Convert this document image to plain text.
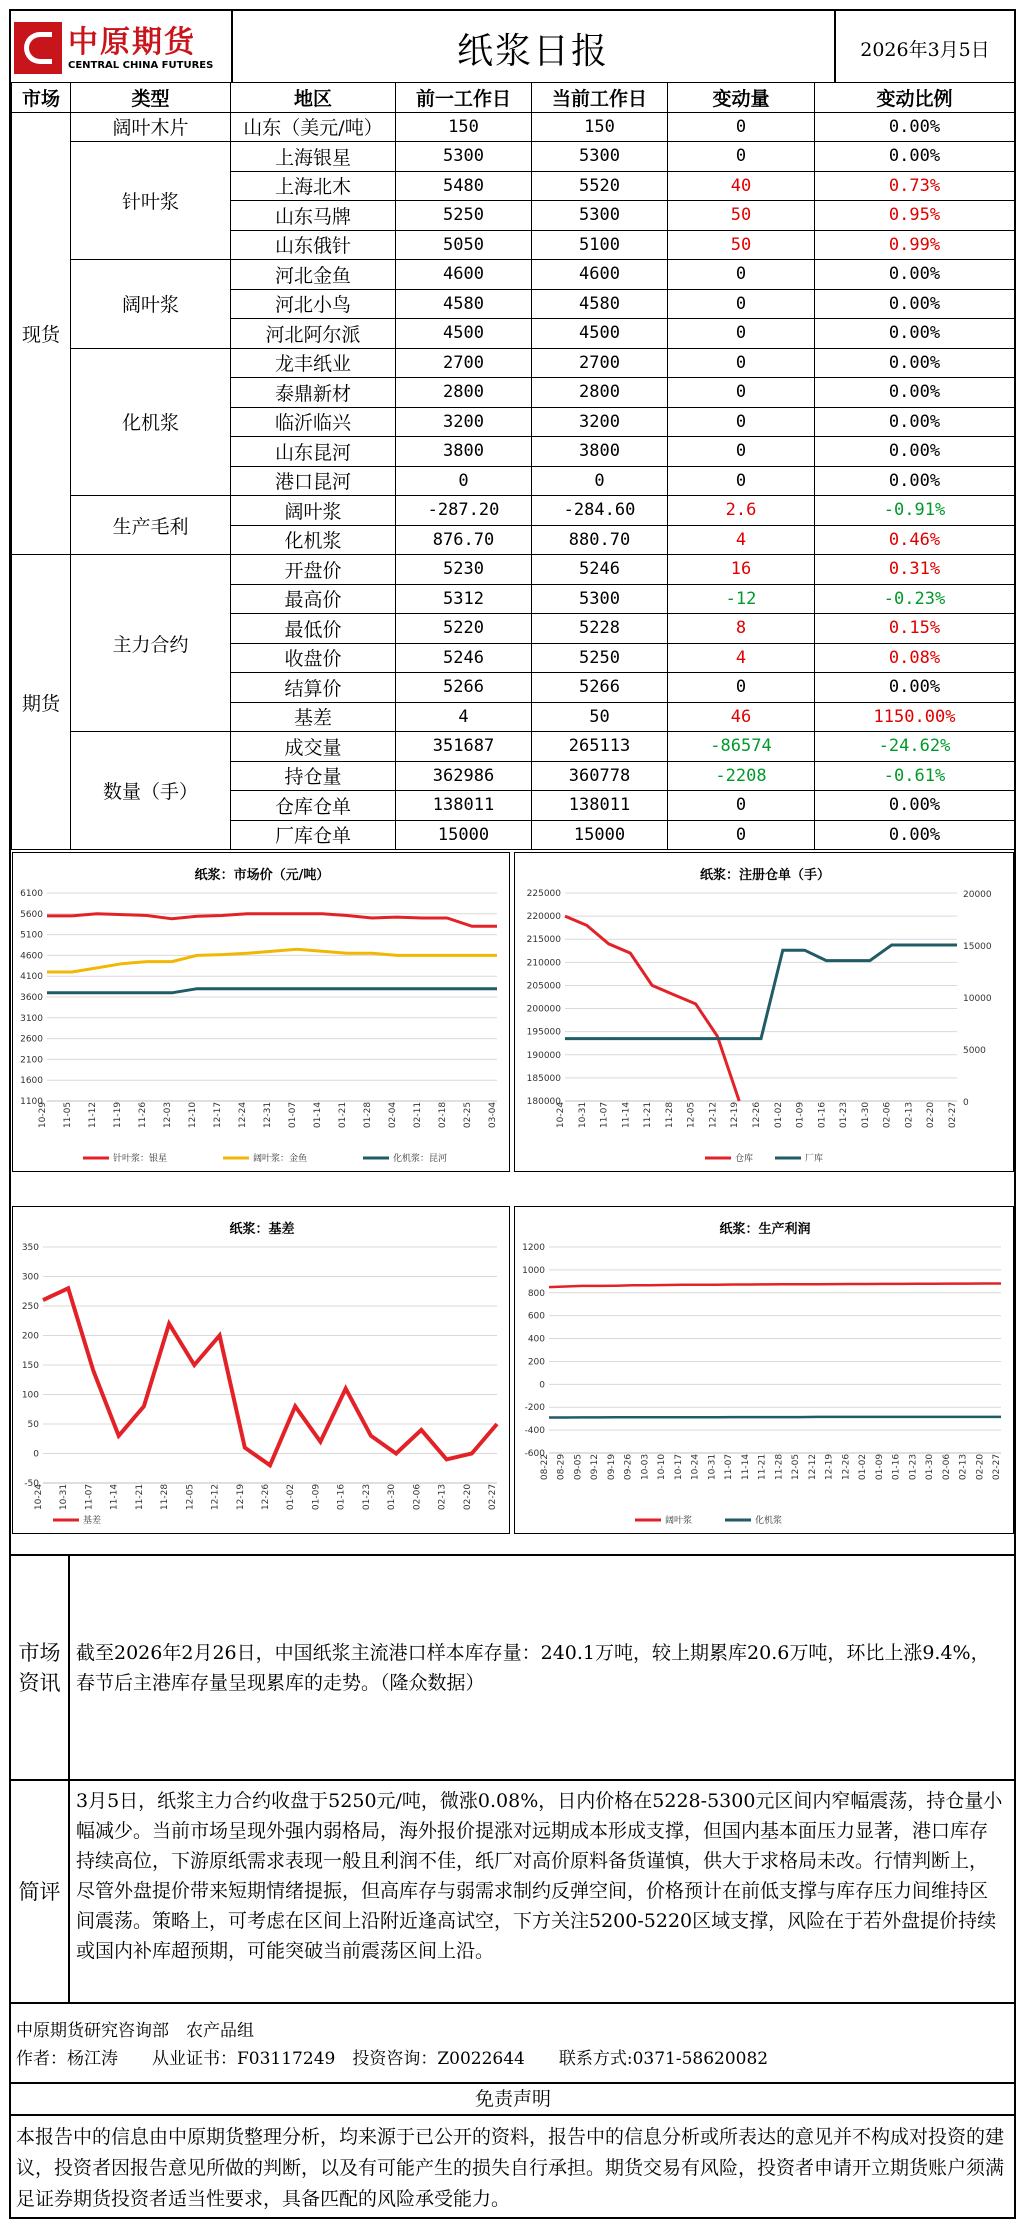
中原期货
CENTRAL CHINA FUTURES	纸浆日报	2026年3月5日
市场	类型	地区	前一工作日	当前工作日	变动量	变动比例
现货	阔叶木片	山东（美元/吨）	150	150	0	0.00%
	针叶浆	上海银星	5300	5300	0	0.00%
		上海北木	5480	5520	40	0.73%
		山东马牌	5250	5300	50	0.95%
		山东俄针	5050	5100	50	0.99%
	阔叶浆	河北金鱼	4600	4600	0	0.00%
		河北小鸟	4580	4580	0	0.00%
		河北阿尔派	4500	4500	0	0.00%
	化机浆	龙丰纸业	2700	2700	0	0.00%
		泰鼎新材	2800	2800	0	0.00%
		临沂临兴	3200	3200	0	0.00%
		山东昆河	3800	3800	0	0.00%
		港口昆河	0	0	0	0.00%
	生产毛利	阔叶浆	-287.20	-284.60	2.6	-0.91%
		化机浆	876.70	880.70	4	0.46%
期货	主力合约	开盘价	5230	5246	16	0.31%
		最高价	5312	5300	-12	-0.23%
		最低价	5220	5228	8	0.15%
		收盘价	5246	5250	4	0.08%
		结算价	5266	5266	0	0.00%
		基差	4	50	46	1150.00%
	数量（手）	成交量	351687	265113	-86574	-24.62%
		持仓量	362986	360778	-2208	-0.61%
		仓库仓单	138011	138011	0	0.00%
		厂库仓单	15000	15000	0	0.00%
纸浆：市场价（元/吨）
1100
1600
2100
2600
3100
3600
4100
4600
5100
5600
6100
10-29 11-05 11-12 11-19 11-26 12-03 12-10 12-17 12-24 12-31 01-07 01-14 01-21 01-28 02-04 02-11 02-18 02-25 03-04
针叶浆：银星	阔叶浆：金鱼	化机浆：昆河
纸浆：注册仓单（手）
180000
185000
190000
195000
200000
205000
210000
215000
220000
225000
0
5000
10000
15000
20000
10-24 10-31 11-07 11-14 11-21 11-28 12-05 12-12 12-19 12-26 01-02 01-09 01-16 01-23 01-30 02-06 02-13 02-20 02-27
仓库	厂库
纸浆：基差
-50
0
50
100
150
200
250
300
350
10-24 10-31 11-07 11-14 11-21 11-28 12-05 12-12 12-19 12-26 01-02 01-09 01-16 01-23 01-30 02-06 02-13 02-20 02-27
基差
纸浆：生产利润
-600
-400
-200
0
200
400
600
800
1000
1200
08-22 08-29 09-05 09-12 09-19 09-26 10-03 10-10 10-17 10-24 10-31 11-07 11-14 11-21 11-28 12-05 12-12 12-19 12-26 01-02 01-09 01-16 01-23 01-30 02-06 02-13 02-20 02-27
阔叶浆	化机浆
市场资讯
截至2026年2月26日，中国纸浆主流港口样本库存量：240.1万吨，较上期累库20.6万吨，环比上涨9.4%，春节后主港库存量呈现累库的走势。（隆众数据）
简评
3月5日，纸浆主力合约收盘于5250元/吨，微涨0.08%，日内价格在5228-5300元区间内窄幅震荡，持仓量小幅减少。当前市场呈现外强内弱格局，海外报价提涨对远期成本形成支撑，但国内基本面压力显著，港口库存持续高位，下游原纸需求表现一般且利润不佳，纸厂对高价原料备货谨慎，供大于求格局未改。行情判断上，尽管外盘提价带来短期情绪提振，但高库存与弱需求制约反弹空间，价格预计在前低支撑与库存压力间维持区间震荡。策略上，可考虑在区间上沿附近逢高试空，下方关注5200-5220区域支撑，风险在于若外盘提价持续或国内补库超预期，可能突破当前震荡区间上沿。
中原期货研究咨询部　农产品组
作者：杨江涛　　从业证书：F03117249　投资咨询：Z0022644　　联系方式:0371-58620082
免责声明
本报告中的信息由中原期货整理分析，均来源于已公开的资料，报告中的信息分析或所表达的意见并不构成对投资的建议，投资者因报告意见所做的判断，以及有可能产生的损失自行承担。期货交易有风险，投资者申请开立期货账户须满足证券期货投资者适当性要求，具备匹配的风险承受能力。
